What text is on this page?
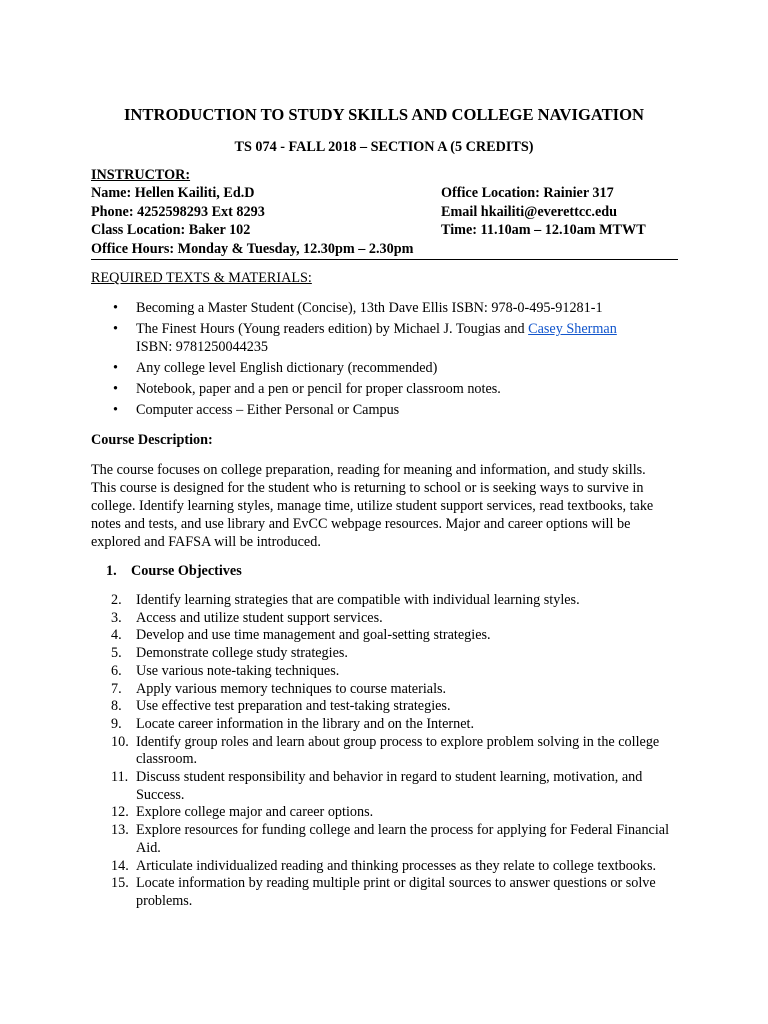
INTRODUCTION TO STUDY SKILLS AND COLLEGE NAVIGATION
TS 074 - FALL 2018 – SECTION A (5 CREDITS)
INSTRUCTOR:
Name: Hellen Kailiti, Ed.D	Office Location: Rainier 317
Phone: 4252598293 Ext 8293	Email hkailiti@everettcc.edu
Class Location: Baker 102	Time: 11.10am – 12.10am MTWT
Office Hours: Monday & Tuesday, 12.30pm – 2.30pm
REQUIRED TEXTS & MATERIALS:
• Becoming a Master Student (Concise), 13th Dave Ellis ISBN: 978-0-495-91281-1
• The Finest Hours (Young readers edition) by Michael J. Tougias and Casey Sherman
ISBN: 9781250044235
• Any college level English dictionary (recommended)
• Notebook, paper and a pen or pencil for proper classroom notes.
• Computer access – Either Personal or Campus
Course Description:
The course focuses on college preparation, reading for meaning and information, and study skills. This course is designed for the student who is returning to school or is seeking ways to survive in college. Identify learning styles, manage time, utilize student support services, read textbooks, take notes and tests, and use library and EvCC webpage resources. Major and career options will be explored and FAFSA will be introduced.
1. Course Objectives
2. Identify learning strategies that are compatible with individual learning styles.
3. Access and utilize student support services.
4. Develop and use time management and goal-setting strategies.
5. Demonstrate college study strategies.
6. Use various note-taking techniques.
7. Apply various memory techniques to course materials.
8. Use effective test preparation and test-taking strategies.
9. Locate career information in the library and on the Internet.
10. Identify group roles and learn about group process to explore problem solving in the college classroom.
11. Discuss student responsibility and behavior in regard to student learning, motivation, and Success.
12. Explore college major and career options.
13. Explore resources for funding college and learn the process for applying for Federal Financial Aid.
14. Articulate individualized reading and thinking processes as they relate to college textbooks.
15. Locate information by reading multiple print or digital sources to answer questions or solve problems.
